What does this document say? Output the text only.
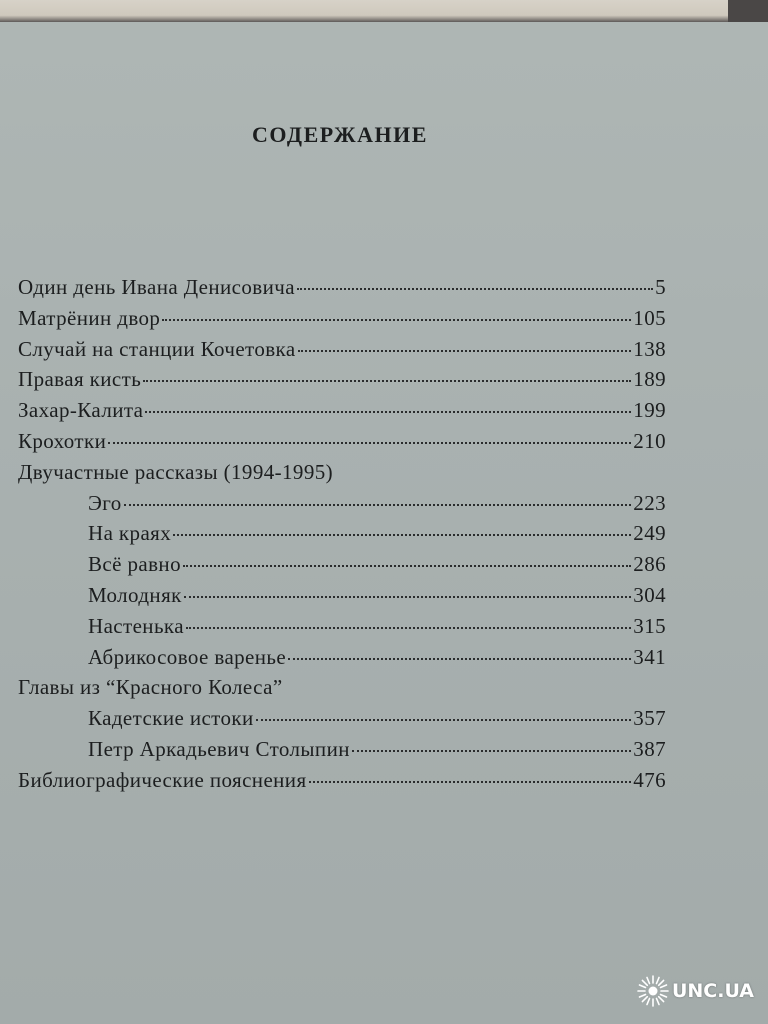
СОДЕРЖАНИЕ
Один день Ивана Денисовича	5
Матрёнин двор	105
Случай на станции Кочетовка	138
Правая кисть	189
Захар-Калита	199
Крохотки	210
Двучастные рассказы (1994-1995)
Эго	223
На краях	249
Всё равно	286
Молодняк	304
Настенька	315
Абрикосовое варенье	341
Главы из “Красного Колеса”
Кадетские истоки	357
Петр Аркадьевич Столыпин	387
Библиографические пояснения	476
UNC.UA
